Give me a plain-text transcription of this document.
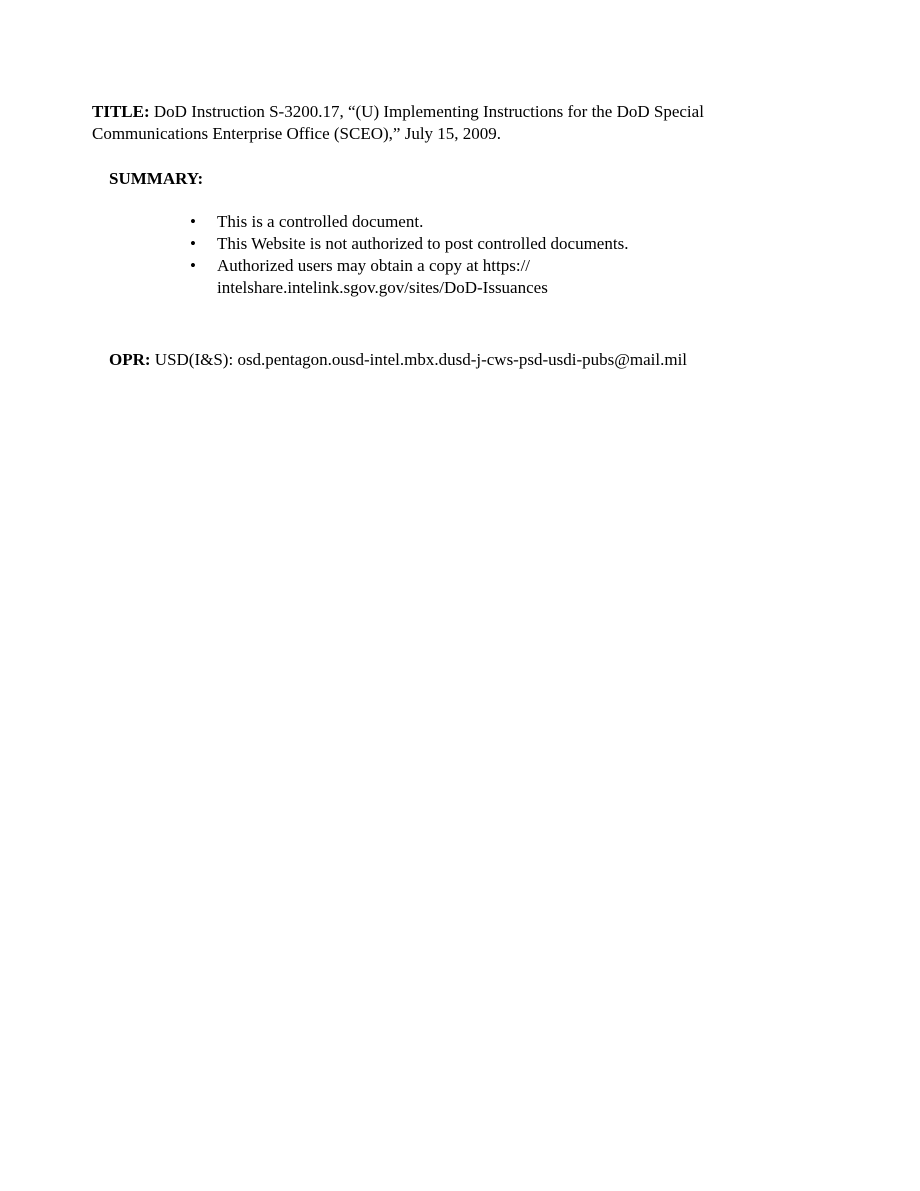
TITLE: DoD Instruction S-3200.17, “(U) Implementing Instructions for the DoD Special
Communications Enterprise Office (SCEO),” July 15, 2009.
SUMMARY:
• This is a controlled document.
• This Website is not authorized to post controlled documents.
• Authorized users may obtain a copy at https://
intelshare.intelink.sgov.gov/sites/DoD-Issuances
OPR: USD(I&S): osd.pentagon.ousd-intel.mbx.dusd-j-cws-psd-usdi-pubs@mail.mil
